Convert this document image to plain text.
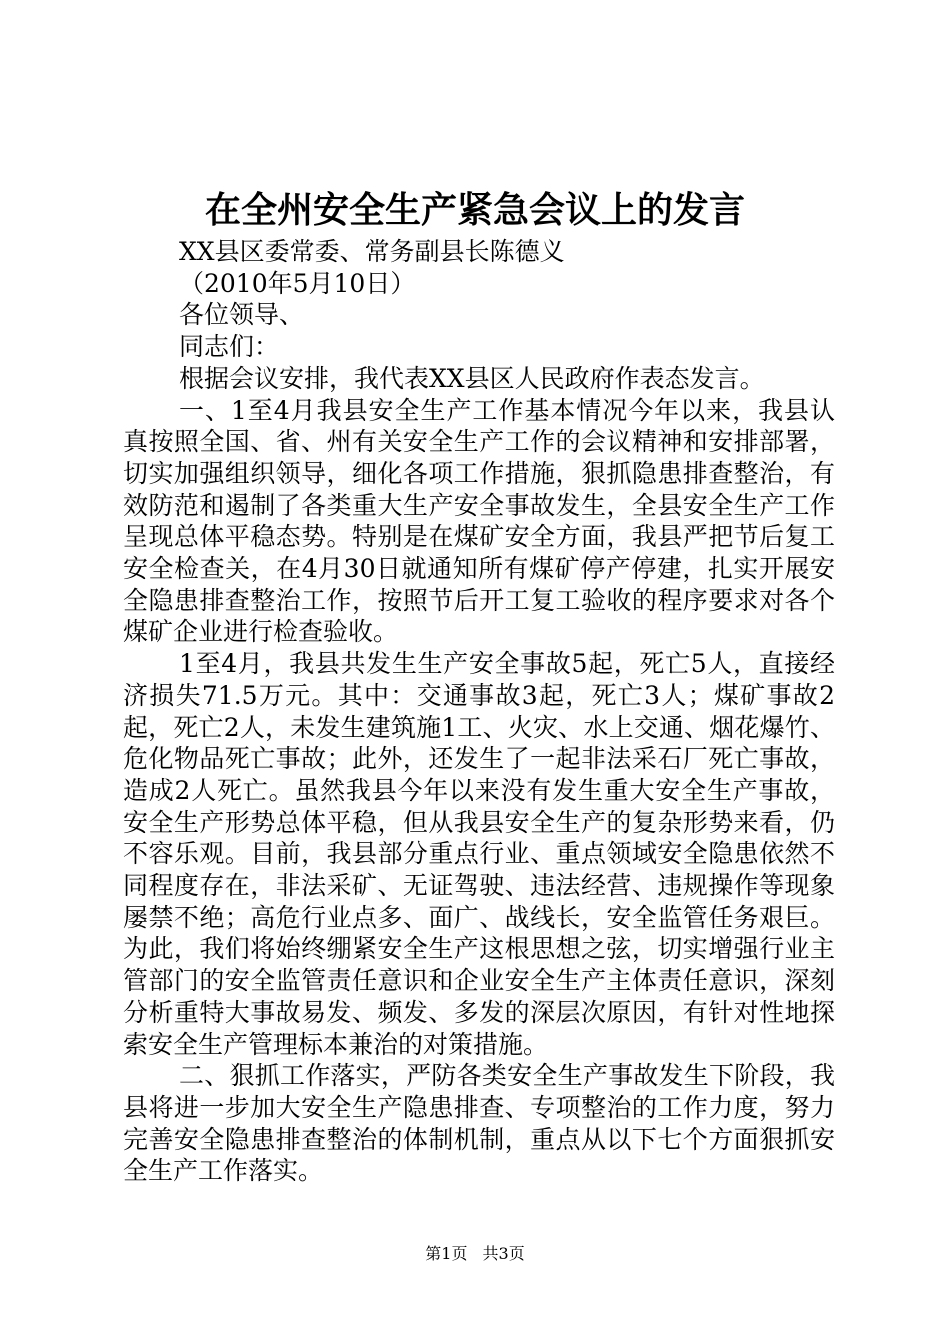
在全州安全生产紧急会议上的发言

XX县区委常委、常务副县长陈德义

（2010年5月10日）

各位领导、

同志们：

根据会议安排，我代表XX县区人民政府作表态发言。

一、1至4月我县安全生产工作基本情况今年以来，我县认真按照全国、省、州有关安全生产工作的会议精神和安排部署，切实加强组织领导，细化各项工作措施，狠抓隐患排查整治，有效防范和遏制了各类重大生产安全事故发生，全县安全生产工作呈现总体平稳态势。特别是在煤矿安全方面，我县严把节后复工安全检查关，在4月30日就通知所有煤矿停产停建，扎实开展安全隐患排查整治工作，按照节后开工复工验收的程序要求对各个煤矿企业进行检查验收。

1至4月，我县共发生生产安全事故5起，死亡5人，直接经济损失71.5万元。其中：交通事故3起，死亡3人；煤矿事故2起，死亡2人，未发生建筑施1工、火灾、水上交通、烟花爆竹、危化物品死亡事故；此外，还发生了一起非法采石厂死亡事故，造成2人死亡。虽然我县今年以来没有发生重大安全生产事故，安全生产形势总体平稳，但从我县安全生产的复杂形势来看，仍不容乐观。目前，我县部分重点行业、重点领域安全隐患依然不同程度存在，非法采矿、无证驾驶、违法经营、违规操作等现象屡禁不绝；高危行业点多、面广、战线长，安全监管任务艰巨。为此，我们将始终绷紧安全生产这根思想之弦，切实增强行业主管部门的安全监管责任意识和企业安全生产主体责任意识，深刻分析重特大事故易发、频发、多发的深层次原因，有针对性地探索安全生产管理标本兼治的对策措施。

二、狠抓工作落实，严防各类安全生产事故发生下阶段，我县将进一步加大安全生产隐患排查、专项整治的工作力度，努力完善安全隐患排查整治的体制机制，重点从以下七个方面狠抓安全生产工作落实。

第1页 共3页
